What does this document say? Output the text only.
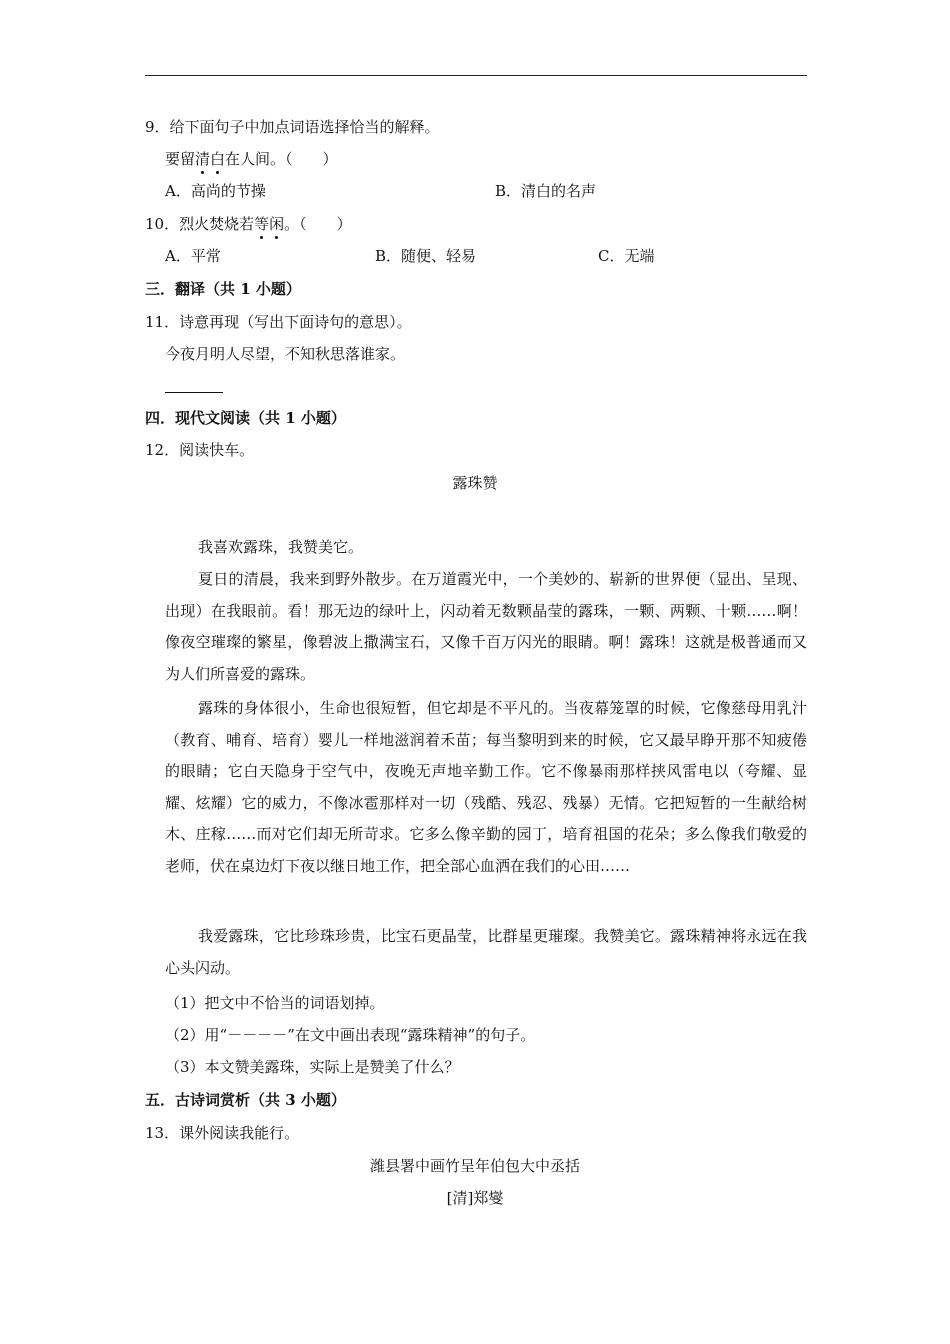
9．给下面句子中加点词语选择恰当的解释。
要留清白在人间。（　　）
A．高尚的节操	B．清白的名声
10．烈火焚烧若等闲。（　　）
A．平常	B．随便、轻易	C．无端
三．翻译（共 1 小题）
11．诗意再现（写出下面诗句的意思）。
今夜月明人尽望，不知秋思落谁家。
四．现代文阅读（共 1 小题）
12．阅读快车。
露珠赞
我喜欢露珠，我赞美它。
夏日的清晨，我来到野外散步。在万道霞光中，一个美妙的、崭新的世界便（显出、呈现、出现）在我眼前。看！那无边的绿叶上，闪动着无数颗晶莹的露珠，一颗、两颗、十颗……啊！像夜空璀璨的繁星，像碧波上撒满宝石，又像千百万闪光的眼睛。啊！露珠！这就是极普通而又为人们所喜爱的露珠。
露珠的身体很小，生命也很短暂，但它却是不平凡的。当夜幕笼罩的时候，它像慈母用乳汁（教育、哺育、培育）婴儿一样地滋润着禾苗；每当黎明到来的时候，它又最早睁开那不知疲倦的眼睛；它白天隐身于空气中，夜晚无声地辛勤工作。它不像暴雨那样挟风雷电以（夸耀、显耀、炫耀）它的威力，不像冰雹那样对一切（残酷、残忍、残暴）无情。它把短暂的一生献给树木、庄稼……而对它们却无所苛求。它多么像辛勤的园丁，培育祖国的花朵；多么像我们敬爱的老师，伏在桌边灯下夜以继日地工作，把全部心血洒在我们的心田……
我爱露珠，它比珍珠珍贵，比宝石更晶莹，比群星更璀璨。我赞美它。露珠精神将永远在我心头闪动。
（1）把文中不恰当的词语划掉。
（2）用“－－－－”在文中画出表现“露珠精神”的句子。
（3）本文赞美露珠，实际上是赞美了什么？
五．古诗词赏析（共 3 小题）
13．课外阅读我能行。
潍县署中画竹呈年伯包大中丞括
[清]郑燮
